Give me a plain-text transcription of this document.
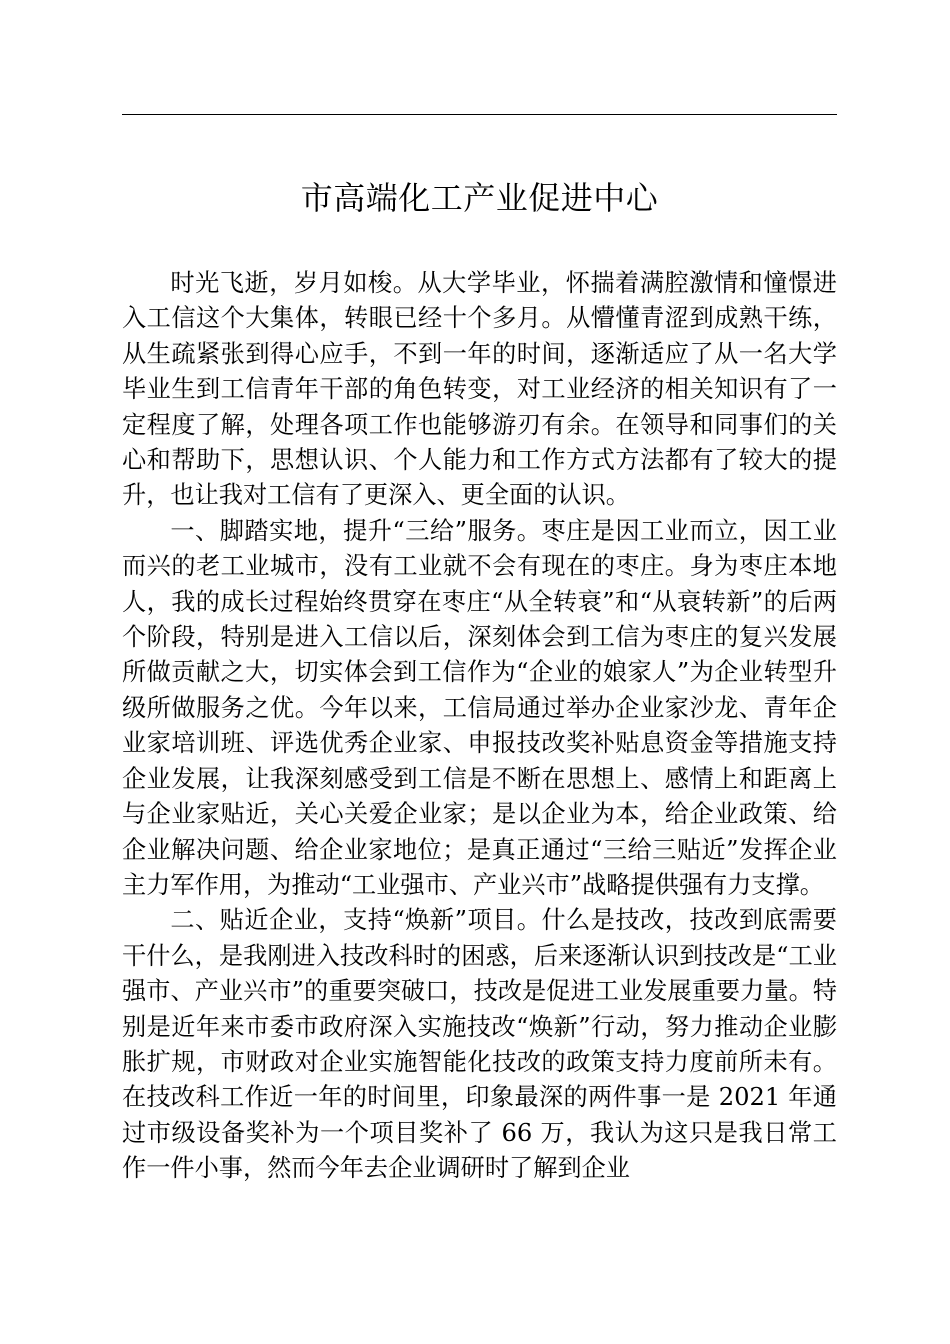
市高端化工产业促进中心

时光飞逝，岁月如梭。从大学毕业，怀揣着满腔激情和憧憬进入工信这个大集体，转眼已经十个多月。从懵懂青涩到成熟干练，从生疏紧张到得心应手，不到一年的时间，逐渐适应了从一名大学毕业生到工信青年干部的角色转变，对工业经济的相关知识有了一定程度了解，处理各项工作也能够游刃有余。在领导和同事们的关心和帮助下，思想认识、个人能力和工作方式方法都有了较大的提升，也让我对工信有了更深入、更全面的认识。

一、脚踏实地，提升“三给”服务。枣庄是因工业而立，因工业而兴的老工业城市，没有工业就不会有现在的枣庄。身为枣庄本地人，我的成长过程始终贯穿在枣庄“从全转衰”和“从衰转新”的后两个阶段，特别是进入工信以后，深刻体会到工信为枣庄的复兴发展所做贡献之大，切实体会到工信作为“企业的娘家人”为企业转型升级所做服务之优。今年以来，工信局通过举办企业家沙龙、青年企业家培训班、评选优秀企业家、申报技改奖补贴息资金等措施支持企业发展，让我深刻感受到工信是不断在思想上、感情上和距离上与企业家贴近，关心关爱企业家；是以企业为本，给企业政策、给企业解决问题、给企业家地位；是真正通过“三给三贴近”发挥企业主力军作用，为推动“工业强市、产业兴市”战略提供强有力支撑。

二、贴近企业，支持“焕新”项目。什么是技改，技改到底需要干什么，是我刚进入技改科时的困惑，后来逐渐认识到技改是“工业强市、产业兴市”的重要突破口，技改是促进工业发展重要力量。特别是近年来市委市政府深入实施技改“焕新”行动，努力推动企业膨胀扩规，市财政对企业实施智能化技改的政策支持力度前所未有。在技改科工作近一年的时间里，印象最深的两件事一是 2021 年通过市级设备奖补为一个项目奖补了 66 万，我认为这只是我日常工作一件小事，然而今年去企业调研时了解到企业
